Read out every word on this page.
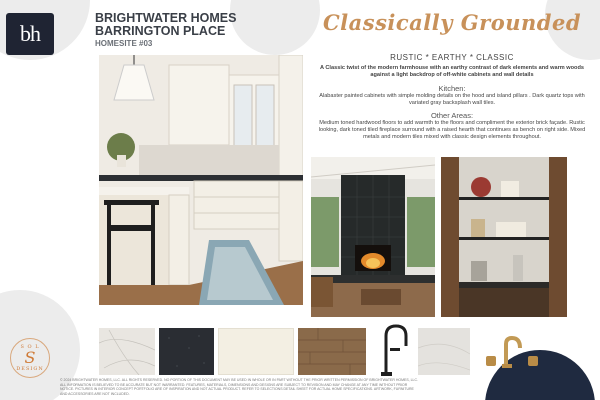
bh
BRIGHTWATER HOMES
BARRINGTON PLACE
HOMESITE #03
Classically Grounded
RUSTIC * EARTHY * CLASSIC

A Classic twist of the modern farmhouse with an earthy contrast of dark elements and warm woods against a light backdrop of off-white cabinets and wall details

Kitchen:

Alabaster painted cabinets with simple molding details on the hood and island pillars . Dark quartz tops with variated gray backsplash wall tiles.

Other Areas:

Medium toned hardwood floors to add warmth to the floors and compliment the exterior brick façade. Rustic looking, dark toned tiled fireplace surround with a raised hearth that continues as bench on right side. Mixed metals and modern tiles mixed with classic design elements throughout.

S O L
S
DESIGN
© 2024 BRIGHTWATER HOMES, LLC. ALL RIGHTS RESERVED. NO PORTION OF THIS DOCUMENT MAY BE USED IN WHOLE OR IN PART WITHOUT THE PRIOR WRITTEN PERMISSION OF BRIGHTWATER HOMES, LLC. ALL INFORMATION IS BELIEVED TO BE ACCURATE BUT NOT WARRANTED. FEATURES, MATERIALS, DIMENSIONS AND DESIGNS ARE SUBJECT TO REVISION AND MAY CHANGE AT ANY TIME WITHOUT PRIOR NOTICE. PICTURES IN INTERIOR CONCEPT PORTFOLIO ARE OF INSPIRATION AND NOT ACTUAL PRODUCT. REFER TO SELECTIONS DETAIL SHEET FOR ACTUAL HOME SPECIFICATIONS. ARTWORK, FURNITURE AND ACCESSORIES ARE NOT INCLUDED.
